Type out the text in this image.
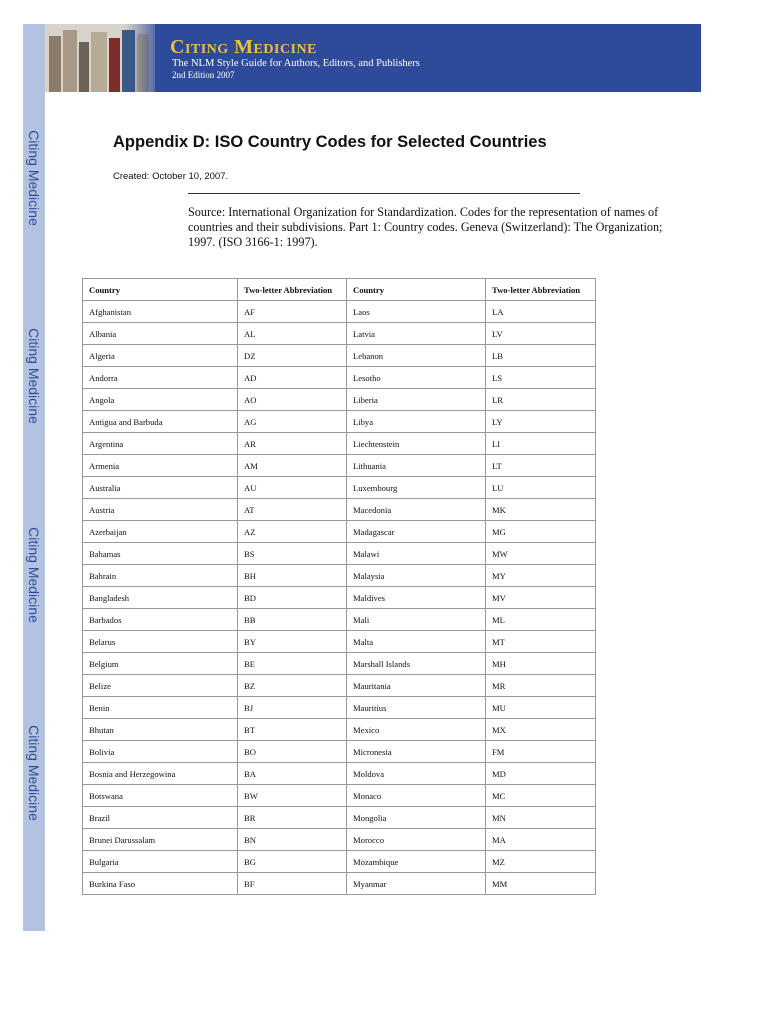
Citing Medicine
Citing Medicine
Citing Medicine
Citing Medicine
Citing Medicine
The NLM Style Guide for Authors, Editors, and Publishers
2nd Edition 2007
Appendix D: ISO Country Codes for Selected Countries
Created: October 10, 2007.
Source: International Organization for Standardization. Codes for the representation of names of countries and their subdivisions. Part 1: Country codes. Geneva (Switzerland): The Organization; 1997. (ISO 3166-1: 1997).
Country	Two-letter Abbreviation	Country	Two-letter Abbreviation
Afghanistan	AF	Laos	LA
Albania	AL	Latvia	LV
Algeria	DZ	Lebanon	LB
Andorra	AD	Lesotho	LS
Angola	AO	Liberia	LR
Antigua and Barbuda	AG	Libya	LY
Argentina	AR	Liechtenstein	LI
Armenia	AM	Lithuania	LT
Australia	AU	Luxembourg	LU
Austria	AT	Macedonia	MK
Azerbaijan	AZ	Madagascar	MG
Bahamas	BS	Malawi	MW
Bahrain	BH	Malaysia	MY
Bangladesh	BD	Maldives	MV
Barbados	BB	Mali	ML
Belarus	BY	Malta	MT
Belgium	BE	Marshall Islands	MH
Belize	BZ	Mauritania	MR
Benin	BJ	Mauritius	MU
Bhutan	BT	Mexico	MX
Bolivia	BO	Micronesia	FM
Bosnia and Herzegowina	BA	Moldova	MD
Botswana	BW	Monaco	MC
Brazil	BR	Mongolia	MN
Brunei Darussalam	BN	Morocco	MA
Bulgaria	BG	Mozambique	MZ
Burkina Faso	BF	Myanmar	MM
